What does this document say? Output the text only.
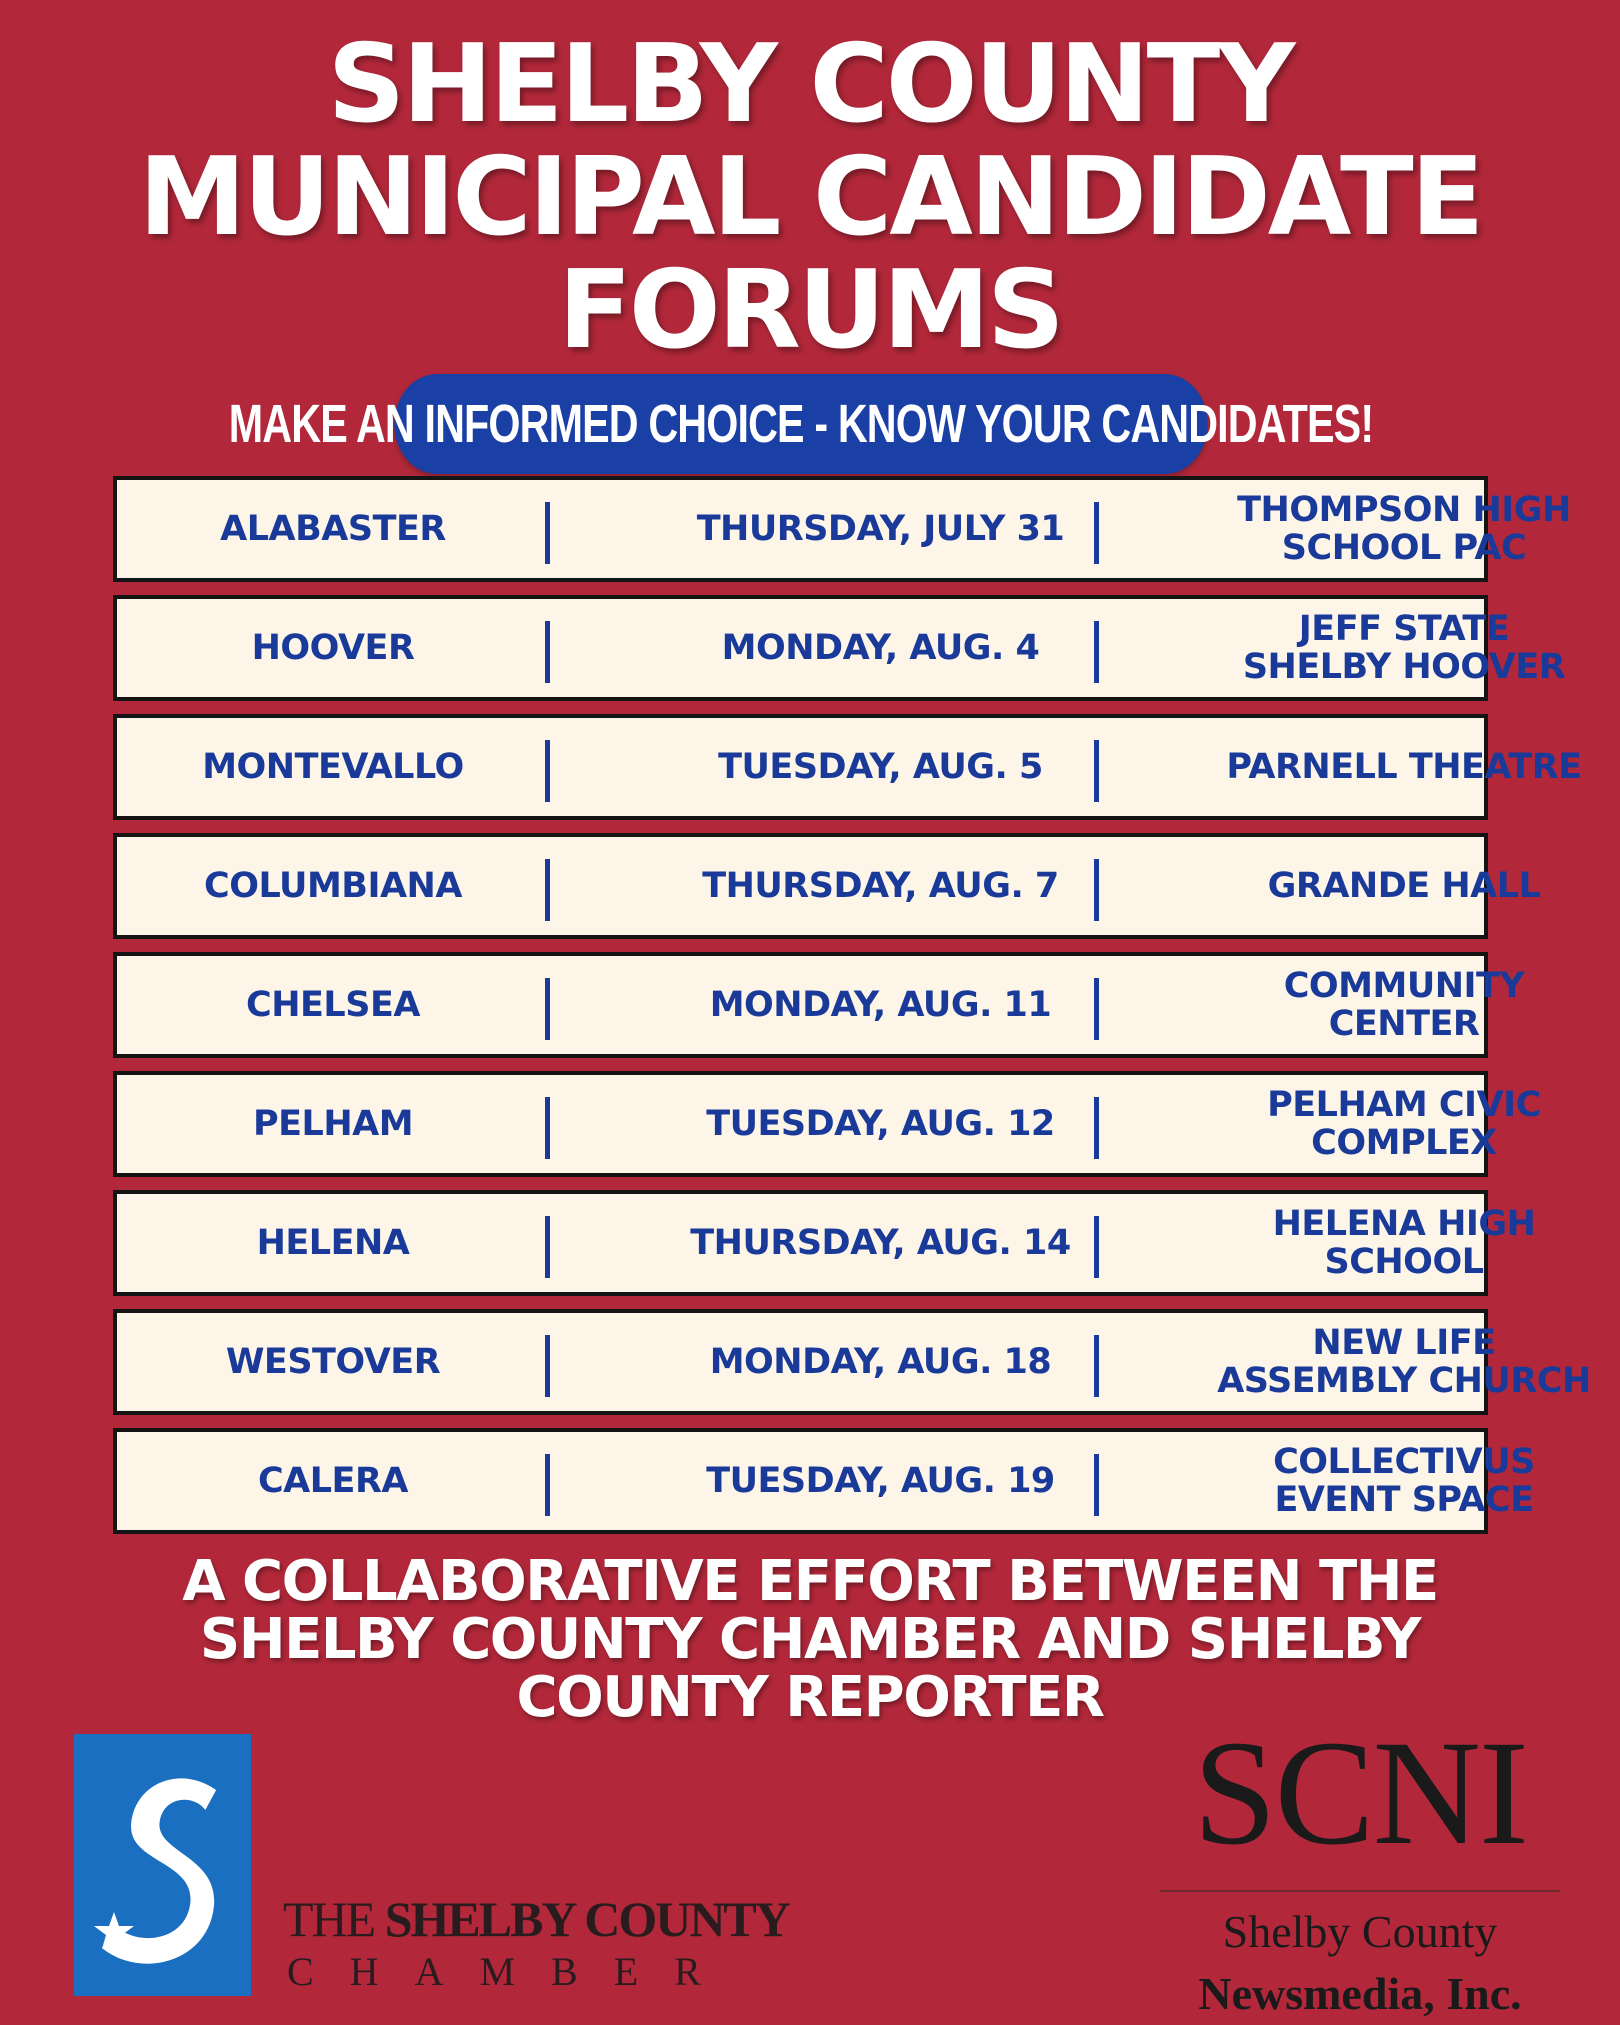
SHELBY COUNTY
MUNICIPAL CANDIDATE
FORUMS
MAKE AN INFORMED CHOICE - KNOW YOUR CANDIDATES!
ALABASTER	THURSDAY, JULY 31	THOMPSON HIGH
SCHOOL PAC
HOOVER	MONDAY, AUG. 4	JEFF STATE
SHELBY HOOVER
MONTEVALLO	TUESDAY, AUG. 5	PARNELL THEATRE
COLUMBIANA	THURSDAY, AUG. 7	GRANDE HALL
CHELSEA	MONDAY, AUG. 11	COMMUNITY
CENTER
PELHAM	TUESDAY, AUG. 12	PELHAM CIVIC
COMPLEX
HELENA	THURSDAY, AUG. 14	HELENA HIGH
SCHOOL
WESTOVER	MONDAY, AUG. 18	NEW LIFE
ASSEMBLY CHURCH
CALERA	TUESDAY, AUG. 19	COLLECTIVUS
EVENT SPACE
A COLLABORATIVE EFFORT BETWEEN THE
SHELBY COUNTY CHAMBER AND SHELBY
COUNTY REPORTER
THE SHELBY COUNTY
CHAMBER
SCNI
Shelby County
Newsmedia, Inc.
